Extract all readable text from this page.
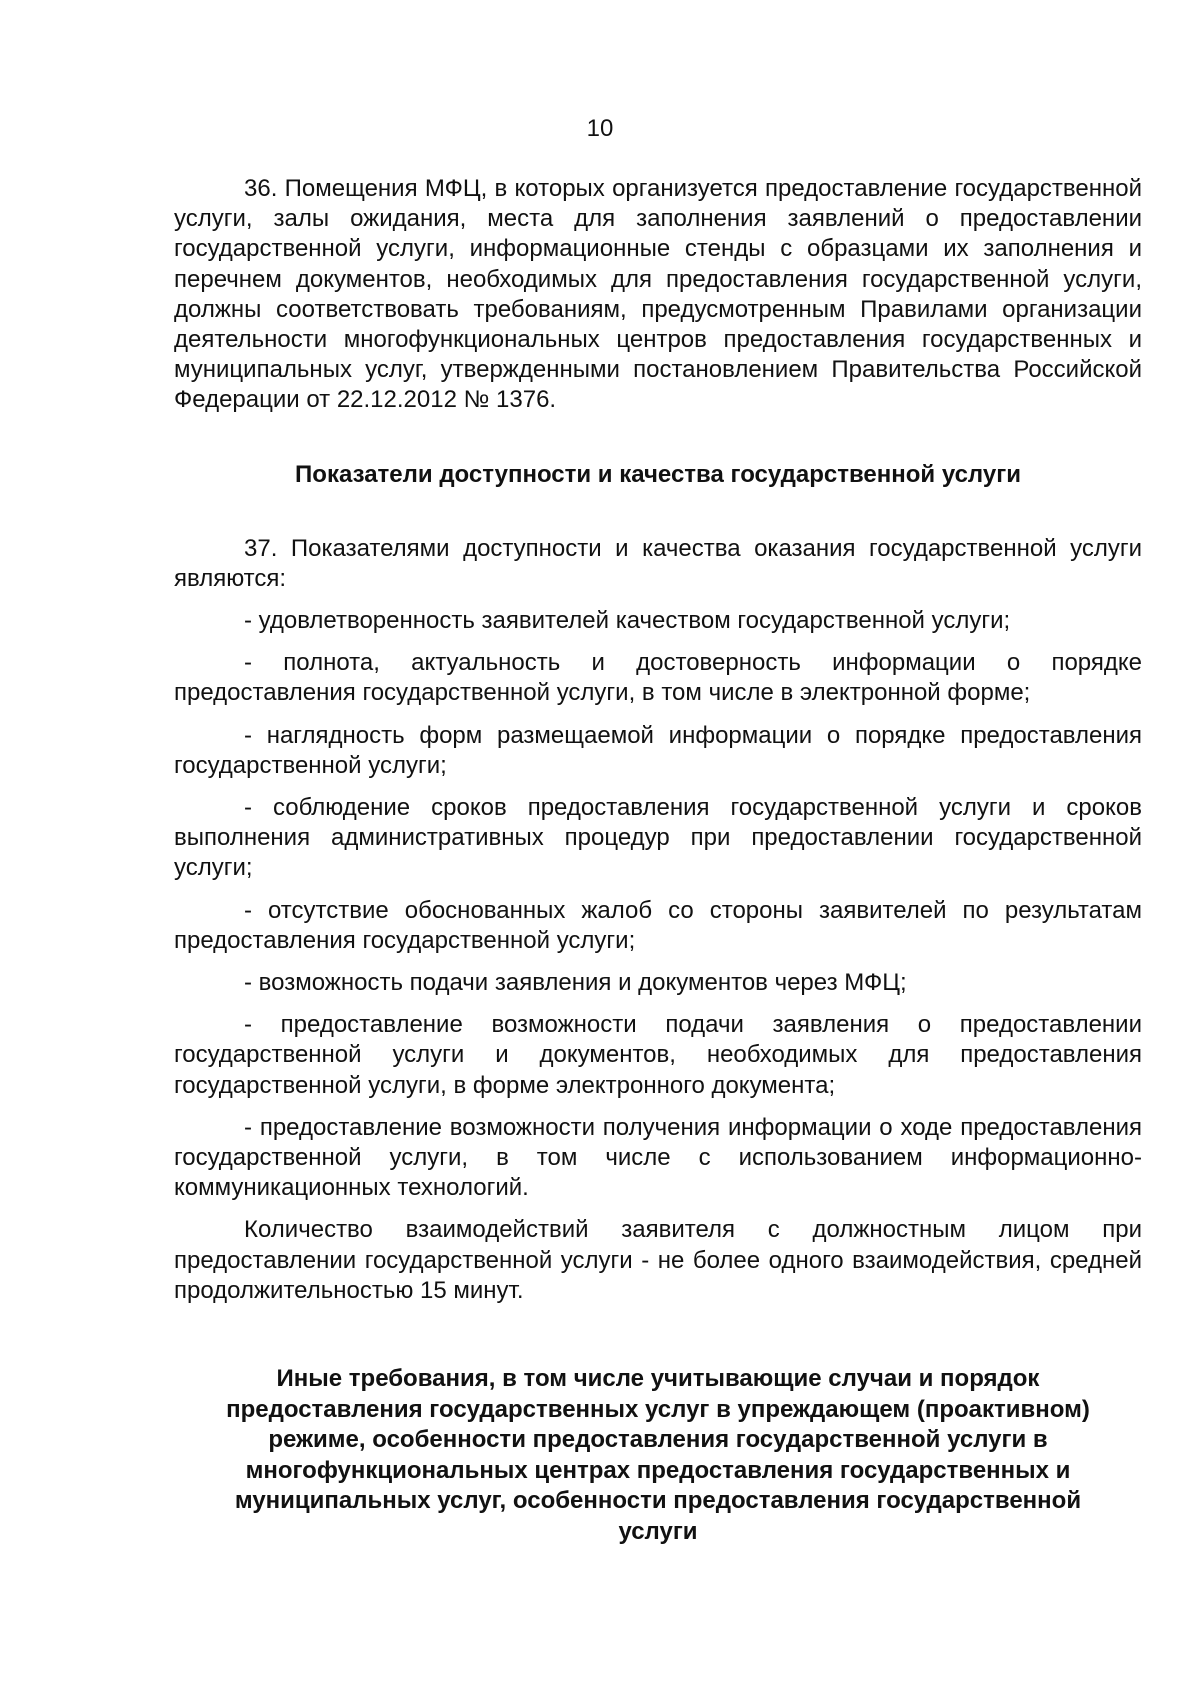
10

36. Помещения МФЦ, в которых организуется предоставление государственной услуги, залы ожидания, места для заполнения заявлений о предоставлении государственной услуги, информационные стенды с образцами их заполнения и перечнем документов, необходимых для предоставления государственной услуги, должны соответствовать требованиям, предусмотренным Правилами организации деятельности многофункциональных центров предоставления государственных и муниципальных услуг, утвержденными постановлением Правительства Российской Федерации от 22.12.2012 № 1376.

Показатели доступности и качества государственной услуги

37. Показателями доступности и качества оказания государственной услуги являются:

- удовлетворенность заявителей качеством государственной услуги;

- полнота, актуальность и достоверность информации о порядке предоставления государственной услуги, в том числе в электронной форме;

- наглядность форм размещаемой информации о порядке предоставления государственной услуги;

- соблюдение сроков предоставления государственной услуги и сроков выполнения административных процедур при предоставлении государственной услуги;

- отсутствие обоснованных жалоб со стороны заявителей по результатам предоставления государственной услуги;

- возможность подачи заявления и документов через МФЦ;

- предоставление возможности подачи заявления о предоставлении государственной услуги и документов, необходимых для предоставления государственной услуги, в форме электронного документа;

- предоставление возможности получения информации о ходе предоставления государственной услуги, в том числе с использованием информационно-коммуникационных технологий.

Количество взаимодействий заявителя с должностным лицом при предоставлении государственной услуги - не более одного взаимодействия, средней продолжительностью 15 минут.

Иные требования, в том числе учитывающие случаи и порядок предоставления государственных услуг в упреждающем (проактивном) режиме, особенности предоставления государственной услуги в многофункциональных центрах предоставления государственных и муниципальных услуг, особенности предоставления государственной услуги
